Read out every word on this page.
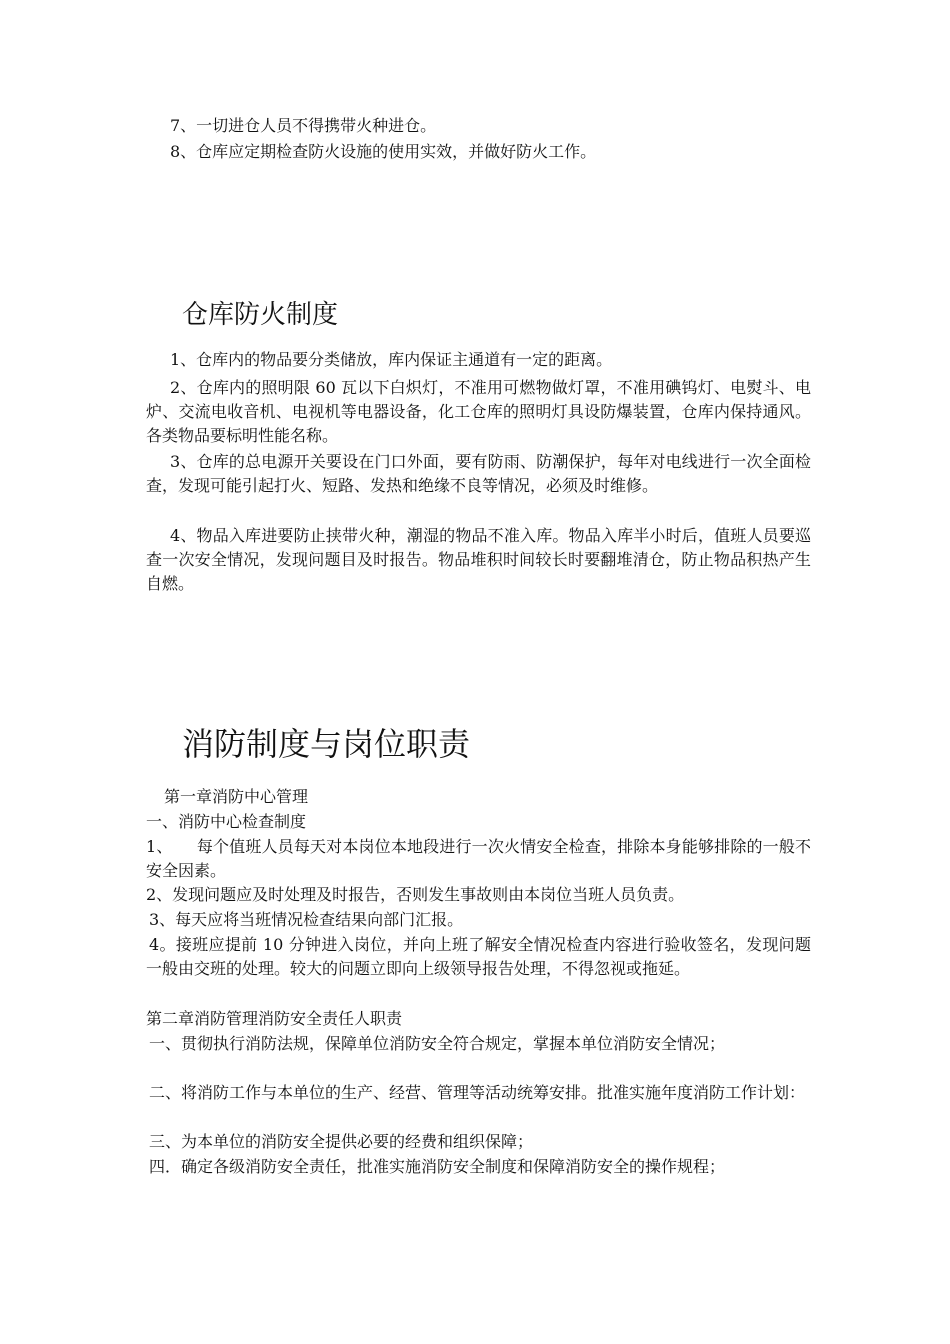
7、一切进仓人员不得携带火种进仓。
8、仓库应定期检查防火设施的使用实效，并做好防火工作。
仓库防火制度
1、仓库内的物品要分类储放，库内保证主通道有一定的距离。
2、仓库内的照明限 60 瓦以下白炽灯，不准用可燃物做灯罩，不准用碘钨灯、电熨斗、电炉、交流电收音机、电视机等电器设备，化工仓库的照明灯具设防爆装置，仓库内保持通风。各类物品要标明性能名称。
3、仓库的总电源开关要设在门口外面，要有防雨、防潮保护，每年对电线进行一次全面检查，发现可能引起打火、短路、发热和绝缘不良等情况，必须及时维修。
4、物品入库进要防止挟带火种，潮湿的物品不准入库。物品入库半小时后，值班人员要巡查一次安全情况，发现问题目及时报告。物品堆积时间较长时要翻堆清仓，防止物品积热产生自燃。
消防制度与岗位职责
第一章消防中心管理
一、消防中心检查制度
1、　　每个值班人员每天对本岗位本地段进行一次火情安全检查，排除本身能够排除的一般不安全因素。
2、发现问题应及时处理及时报告，否则发生事故则由本岗位当班人员负责。
3、每天应将当班情况检查结果向部门汇报。
4。接班应提前 10 分钟进入岗位，并向上班了解安全情况检查内容进行验收签名，发现问题一般由交班的处理。较大的问题立即向上级领导报告处理，不得忽视或拖延。
第二章消防管理消防安全责任人职责
一、贯彻执行消防法规，保障单位消防安全符合规定，掌握本单位消防安全情况；
二、将消防工作与本单位的生产、经营、管理等活动统筹安排。批准实施年度消防工作计划：
三、为本单位的消防安全提供必要的经费和组织保障；
四．确定各级消防安全责任，批准实施消防安全制度和保障消防安全的操作规程；
